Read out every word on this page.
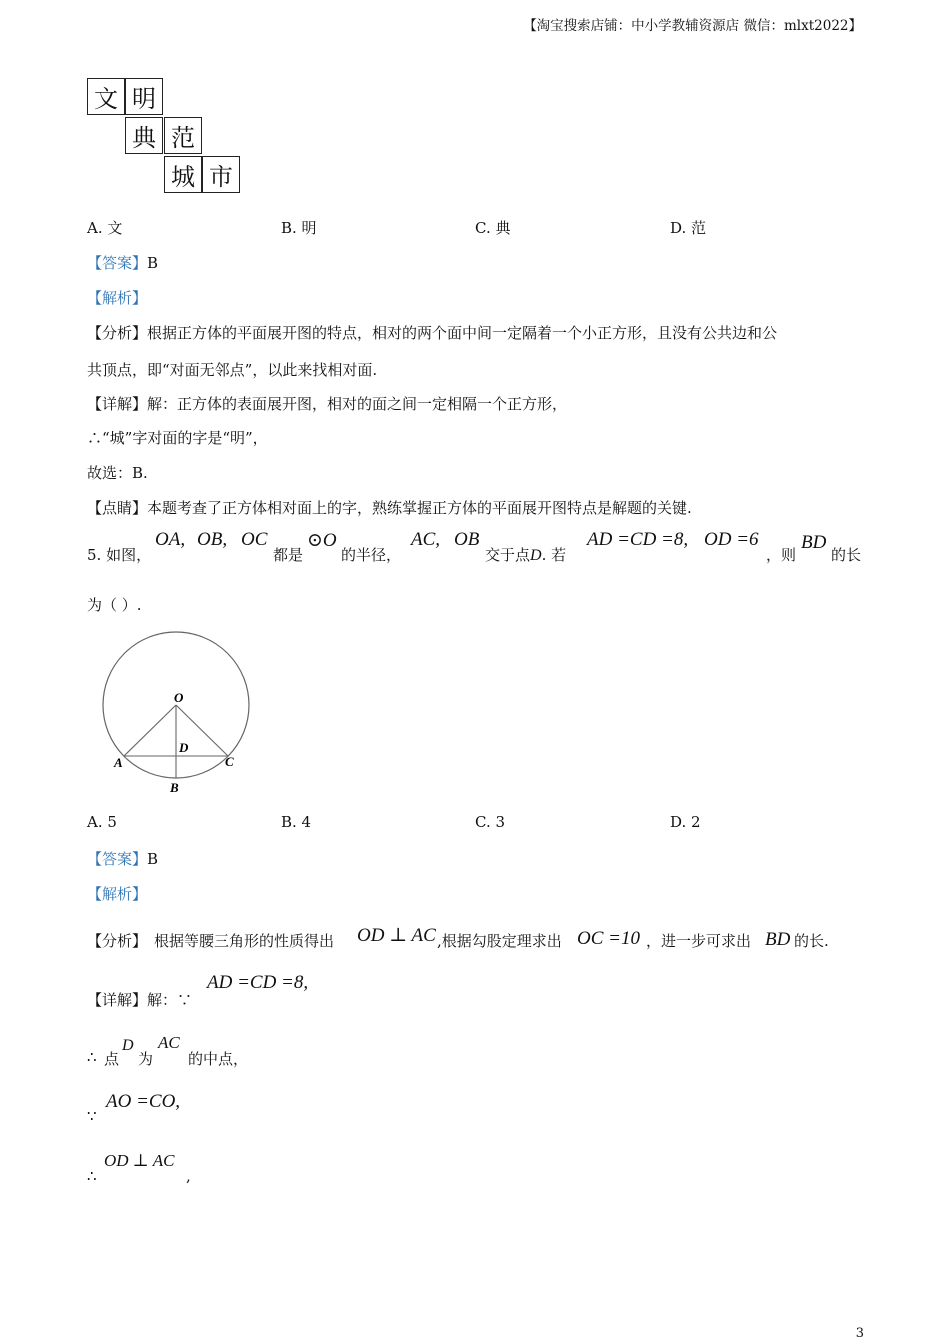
【淘宝搜索店铺：中小学教辅资源店 微信：mlxt2022】
文 明
典 范
城 市
A. 文	B. 明	C. 典	D. 范
【答案】B
【解析】
【分析】根据正方体的平面展开图的特点，相对的两个面中间一定隔着一个小正方形，且没有公共边和公
共顶点，即“对面无邻点”，以此来找相对面.
【详解】解：正方体的表面展开图，相对的面之间一定相隔一个正方形，
∴“城”字对面的字是“明”，
故选：B.
【点睛】本题考查了正方体相对面上的字，熟练掌握正方体的平面展开图特点是解题的关键.
5. 如图，
OA, OB, OC
都是
⊙O
的半径，
AC, OB
交于点D. 若
AD =CD =8, OD =6
，则
BD
的长
为（ ）.
O
D
A	C
B
A. 5	B. 4	C. 3	D. 2
【答案】B
【解析】
【分析】 根据等腰三角形的性质得出 OD ⊥ AC ,根据勾股定理求出 OC =10 ，进一步可求出 BD 的长.
【详解】解：∵
AD =CD =8,
∴ 点
D
为
AC
的中点，
∵
AO =CO,
∴
OD ⊥ AC
,
3
